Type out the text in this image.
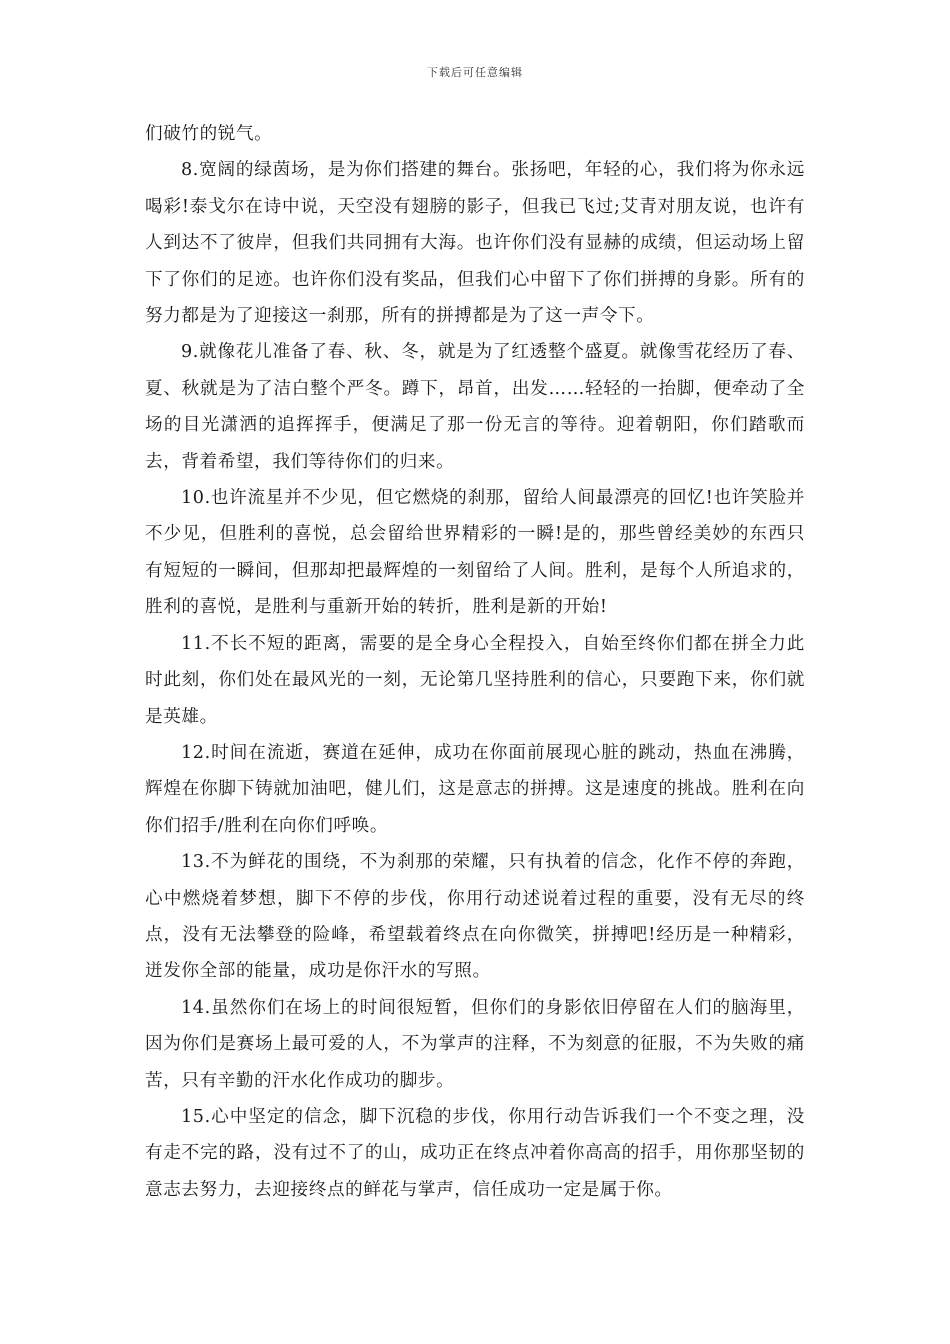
下载后可任意编辑

们破竹的锐气。

8.宽阔的绿茵场，是为你们搭建的舞台。张扬吧，年轻的心，我们将为你永远喝彩!泰戈尔在诗中说，天空没有翅膀的影子，但我已飞过;艾青对朋友说，也许有人到达不了彼岸，但我们共同拥有大海。也许你们没有显赫的成绩，但运动场上留下了你们的足迹。也许你们没有奖品，但我们心中留下了你们拼搏的身影。所有的努力都是为了迎接这一刹那，所有的拼搏都是为了这一声令下。

9.就像花儿准备了春、秋、冬，就是为了红透整个盛夏。就像雪花经历了春、夏、秋就是为了洁白整个严冬。蹲下，昂首，出发……轻轻的一抬脚，便牵动了全场的目光潇洒的追挥挥手，便满足了那一份无言的等待。迎着朝阳，你们踏歌而去，背着希望，我们等待你们的归来。

10.也许流星并不少见，但它燃烧的刹那，留给人间最漂亮的回忆!也许笑脸并不少见，但胜利的喜悦，总会留给世界精彩的一瞬!是的，那些曾经美妙的东西只有短短的一瞬间，但那却把最辉煌的一刻留给了人间。胜利，是每个人所追求的，胜利的喜悦，是胜利与重新开始的转折，胜利是新的开始!

11.不长不短的距离，需要的是全身心全程投入，自始至终你们都在拼全力此时此刻，你们处在最风光的一刻，无论第几坚持胜利的信心，只要跑下来，你们就是英雄。

12.时间在流逝，赛道在延伸，成功在你面前展现心脏的跳动，热血在沸腾，辉煌在你脚下铸就加油吧，健儿们，这是意志的拼搏。这是速度的挑战。胜利在向你们招手/胜利在向你们呼唤。

13.不为鲜花的围绕，不为刹那的荣耀，只有执着的信念，化作不停的奔跑，心中燃烧着梦想，脚下不停的步伐，你用行动述说着过程的重要，没有无尽的终点，没有无法攀登的险峰，希望载着终点在向你微笑，拼搏吧!经历是一种精彩，迸发你全部的能量，成功是你汗水的写照。

14.虽然你们在场上的时间很短暂，但你们的身影依旧停留在人们的脑海里，因为你们是赛场上最可爱的人，不为掌声的注释，不为刻意的征服，不为失败的痛苦，只有辛勤的汗水化作成功的脚步。

15.心中坚定的信念，脚下沉稳的步伐，你用行动告诉我们一个不变之理，没有走不完的路，没有过不了的山，成功正在终点冲着你高高的招手，用你那坚韧的意志去努力，去迎接终点的鲜花与掌声，信任成功一定是属于你。
